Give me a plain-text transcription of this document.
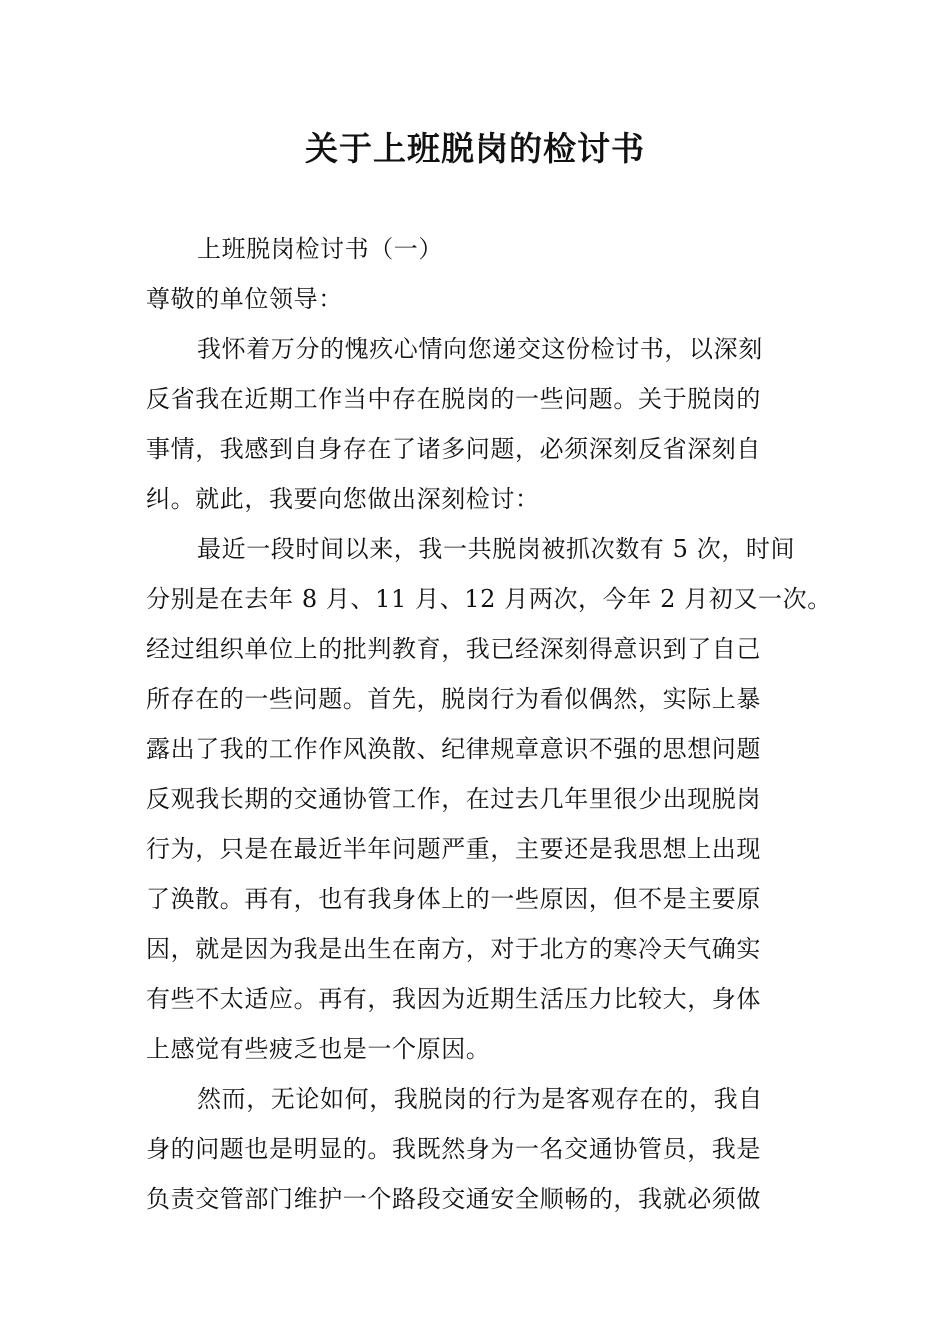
关于上班脱岗的检讨书
上班脱岗检讨书（一）
尊敬的单位领导：
我怀着万分的愧疚心情向您递交这份检讨书，以深刻
反省我在近期工作当中存在脱岗的一些问题。关于脱岗的
事情，我感到自身存在了诸多问题，必须深刻反省深刻自
纠。就此，我要向您做出深刻检讨：
最近一段时间以来，我一共脱岗被抓次数有 5 次，时间
分别是在去年 8 月、11 月、12 月两次，今年 2 月初又一次。
经过组织单位上的批判教育，我已经深刻得意识到了自己
所存在的一些问题。首先，脱岗行为看似偶然，实际上暴
露出了我的工作作风涣散、纪律规章意识不强的思想问题
反观我长期的交通协管工作，在过去几年里很少出现脱岗
行为，只是在最近半年问题严重，主要还是我思想上出现
了涣散。再有，也有我身体上的一些原因，但不是主要原
因，就是因为我是出生在南方，对于北方的寒冷天气确实
有些不太适应。再有，我因为近期生活压力比较大，身体
上感觉有些疲乏也是一个原因。
然而，无论如何，我脱岗的行为是客观存在的，我自
身的问题也是明显的。我既然身为一名交通协管员，我是
负责交管部门维护一个路段交通安全顺畅的，我就必须做
